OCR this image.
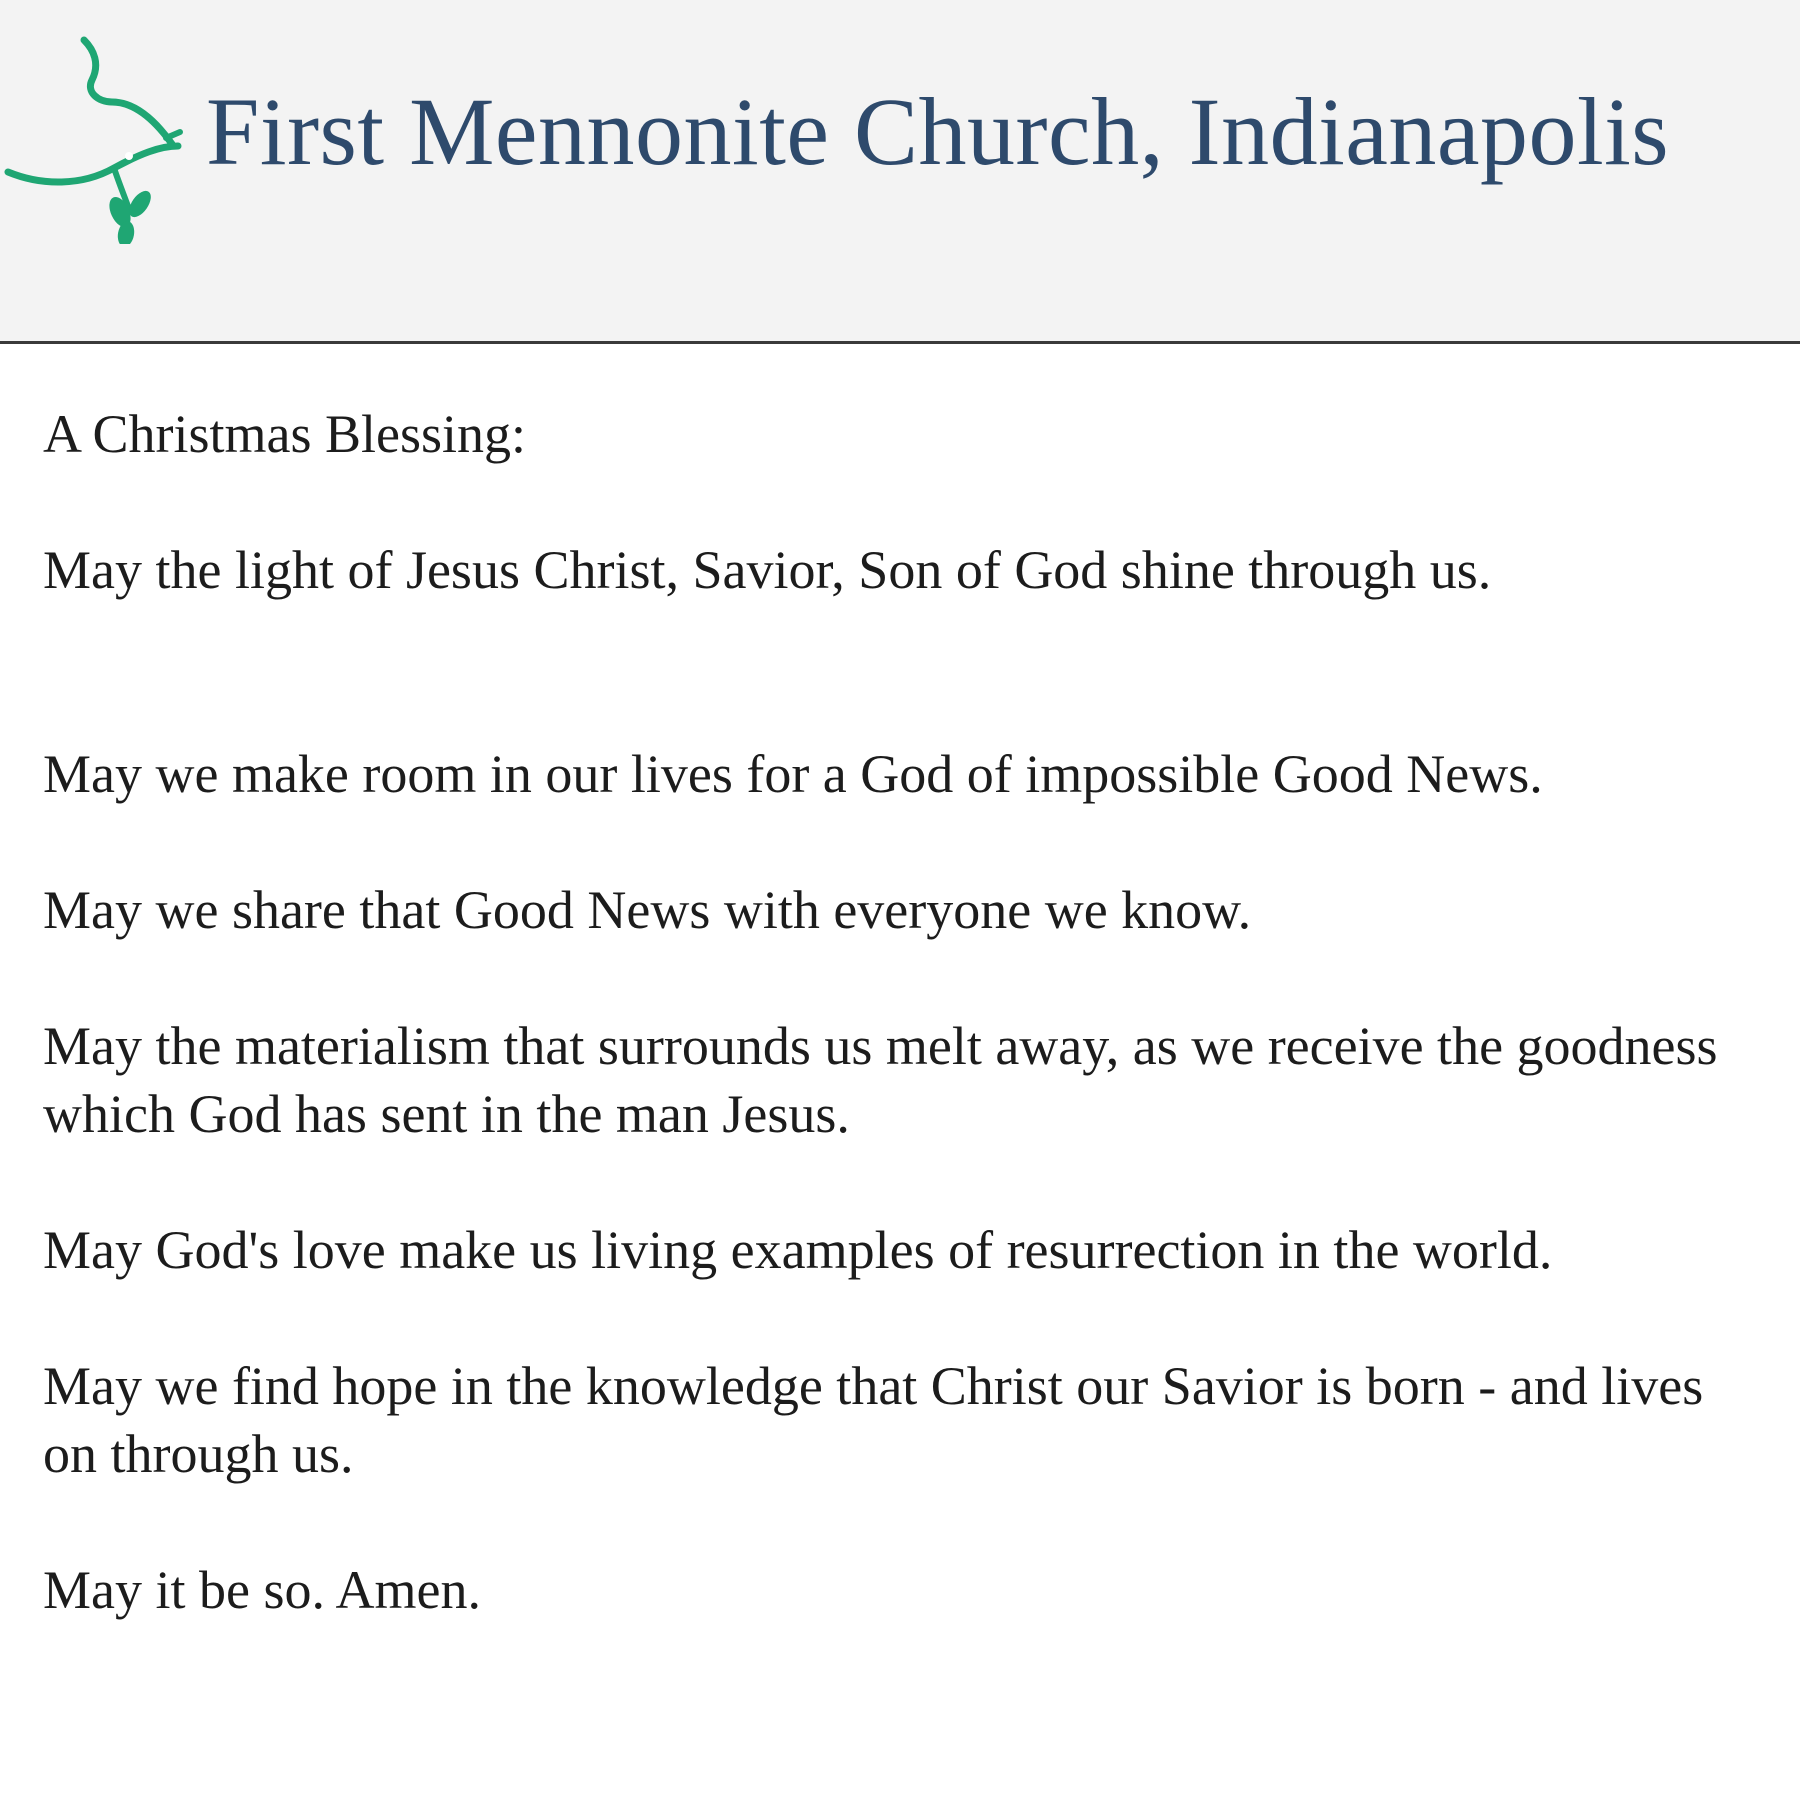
First Mennonite Church, Indianapolis

A Christmas Blessing:

May the light of Jesus Christ, Savior, Son of God shine through us.

May we make room in our lives for a God of impossible Good News.

May we share that Good News with everyone we know.

May the materialism that surrounds us melt away, as we receive the goodness which God has sent in the man Jesus.

May God's love make us living examples of resurrection in the world.

May we find hope in the knowledge that Christ our Savior is born - and lives on through us.

May it be so. Amen.
